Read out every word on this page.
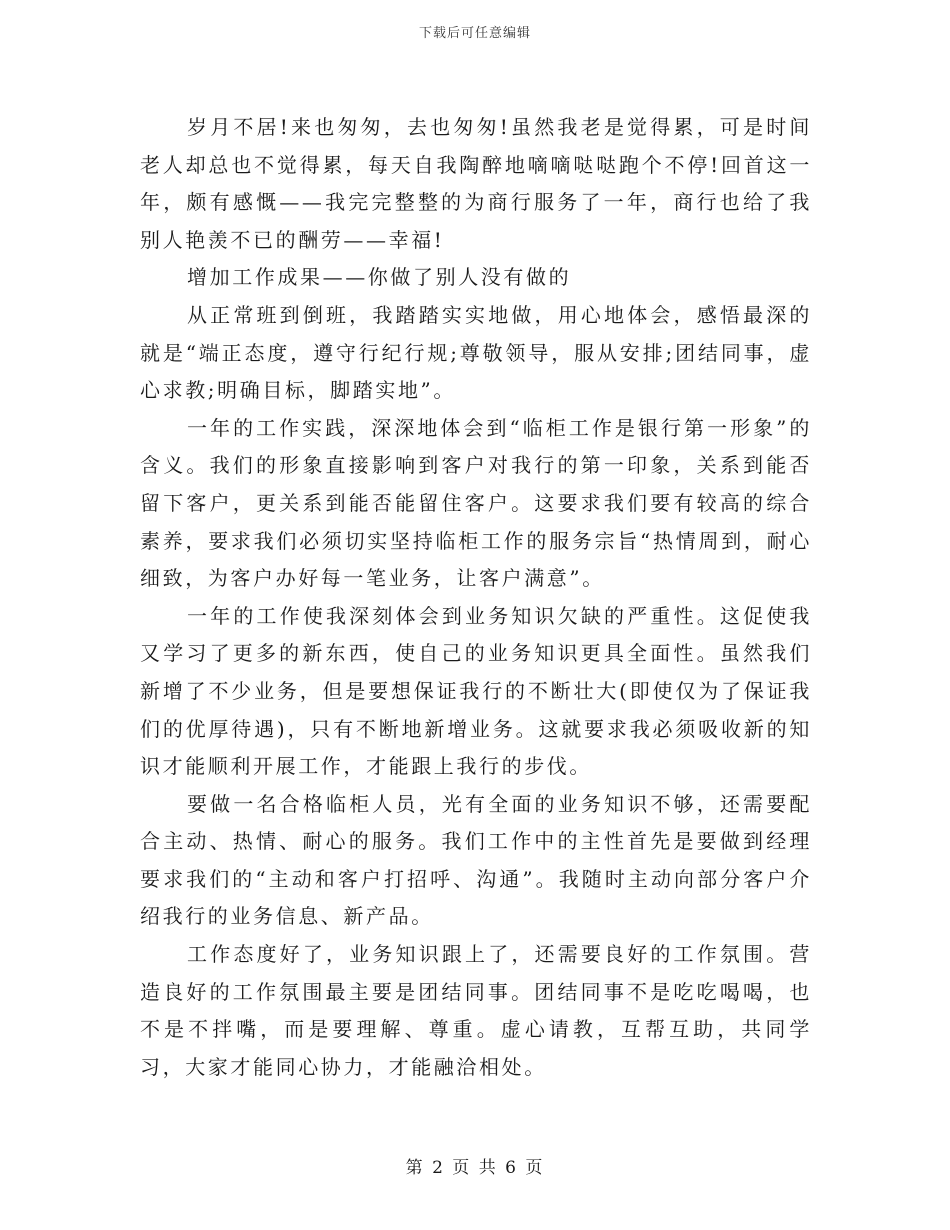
下载后可任意编辑

岁月不居!来也匆匆，去也匆匆!虽然我老是觉得累，可是时间老人却总也不觉得累，每天自我陶醉地嘀嘀哒哒跑个不停!回首这一年，颇有感慨——我完完整整的为商行服务了一年，商行也给了我别人艳羡不已的酬劳——幸福!

增加工作成果——你做了别人没有做的

从正常班到倒班，我踏踏实实地做，用心地体会，感悟最深的就是“端正态度，遵守行纪行规;尊敬领导，服从安排;团结同事，虚心求教;明确目标，脚踏实地”。

一年的工作实践，深深地体会到“临柜工作是银行第一形象”的含义。我们的形象直接影响到客户对我行的第一印象，关系到能否留下客户，更关系到能否能留住客户。这要求我们要有较高的综合素养，要求我们必须切实坚持临柜工作的服务宗旨“热情周到，耐心细致，为客户办好每一笔业务，让客户满意”。

一年的工作使我深刻体会到业务知识欠缺的严重性。这促使我又学习了更多的新东西，使自己的业务知识更具全面性。虽然我们新增了不少业务，但是要想保证我行的不断壮大(即使仅为了保证我们的优厚待遇)，只有不断地新增业务。这就要求我必须吸收新的知识才能顺利开展工作，才能跟上我行的步伐。

要做一名合格临柜人员，光有全面的业务知识不够，还需要配合主动、热情、耐心的服务。我们工作中的主性首先是要做到经理要求我们的“主动和客户打招呼、沟通”。我随时主动向部分客户介绍我行的业务信息、新产品。

工作态度好了，业务知识跟上了，还需要良好的工作氛围。营造良好的工作氛围最主要是团结同事。团结同事不是吃吃喝喝，也不是不拌嘴，而是要理解、尊重。虚心请教，互帮互助，共同学习，大家才能同心协力，才能融洽相处。

第 2 页 共 6 页
